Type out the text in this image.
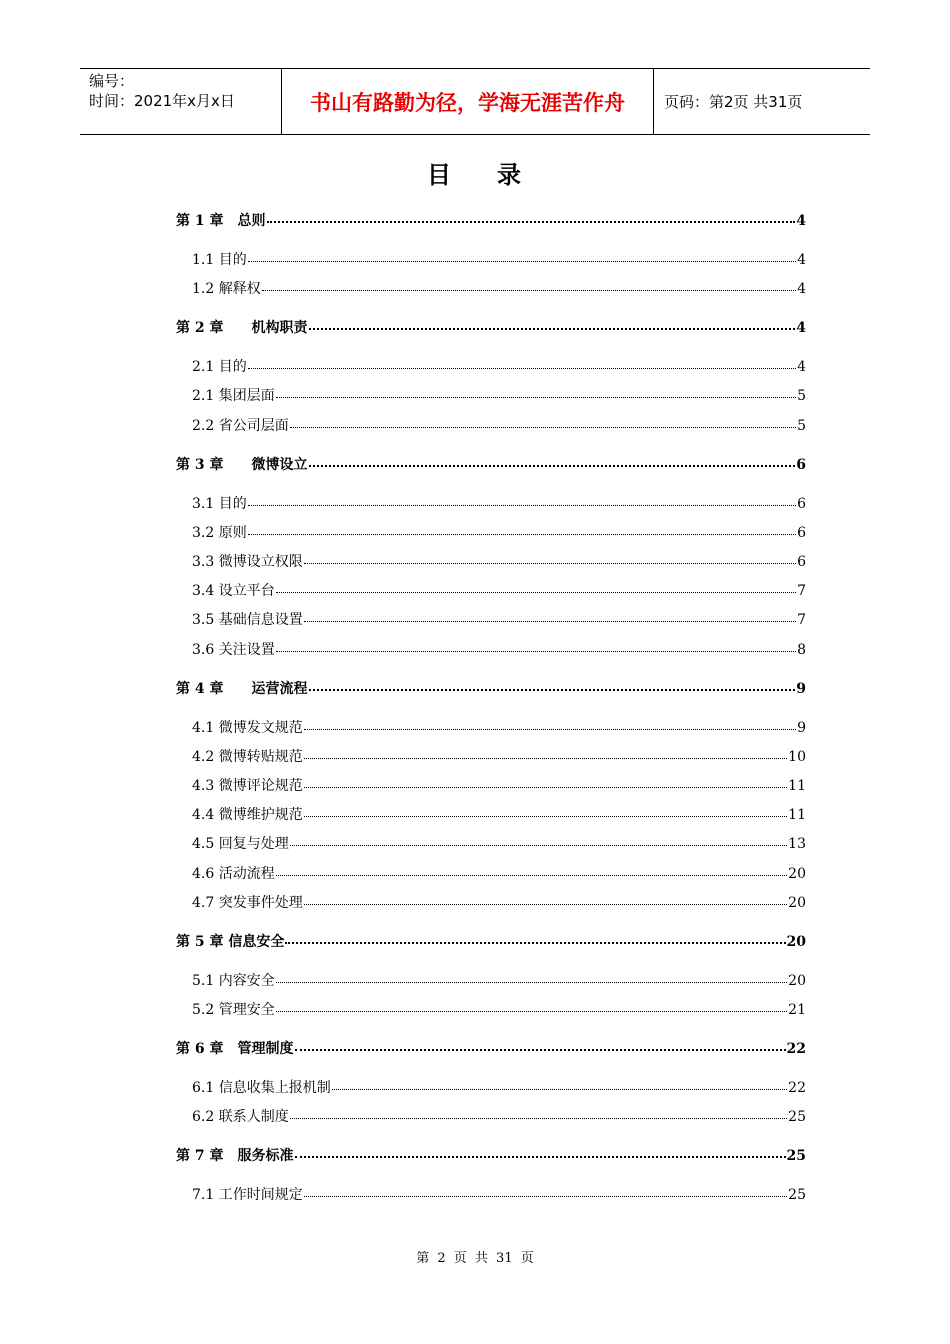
编号：
时间：2021年x月x日	书山有路勤为径，学海无涯苦作舟	页码：第2页 共31页
目 录
第 1 章　总则	4
1.1 目的	4
1.2 解释权	4
第 2 章　　机构职责	4
2.1 目的	4
2.1 集团层面	5
2.2 省公司层面	5
第 3 章　　微博设立	6
3.1 目的	6
3.2 原则	6
3.3 微博设立权限	6
3.4 设立平台	7
3.5 基础信息设置	7
3.6 关注设置	8
第 4 章　　运营流程	9
4.1 微博发文规范	9
4.2 微博转贴规范	10
4.3 微博评论规范	11
4.4 微博维护规范	11
4.5 回复与处理	13
4.6 活动流程	20
4.7 突发事件处理	20
第 5 章 信息安全	20
5.1 内容安全	20
5.2 管理安全	21
第 6 章　管理制度	22
6.1 信息收集上报机制	22
6.2 联系人制度	25
第 7 章　服务标准	25
7.1 工作时间规定	25
第 2 页 共 31 页
